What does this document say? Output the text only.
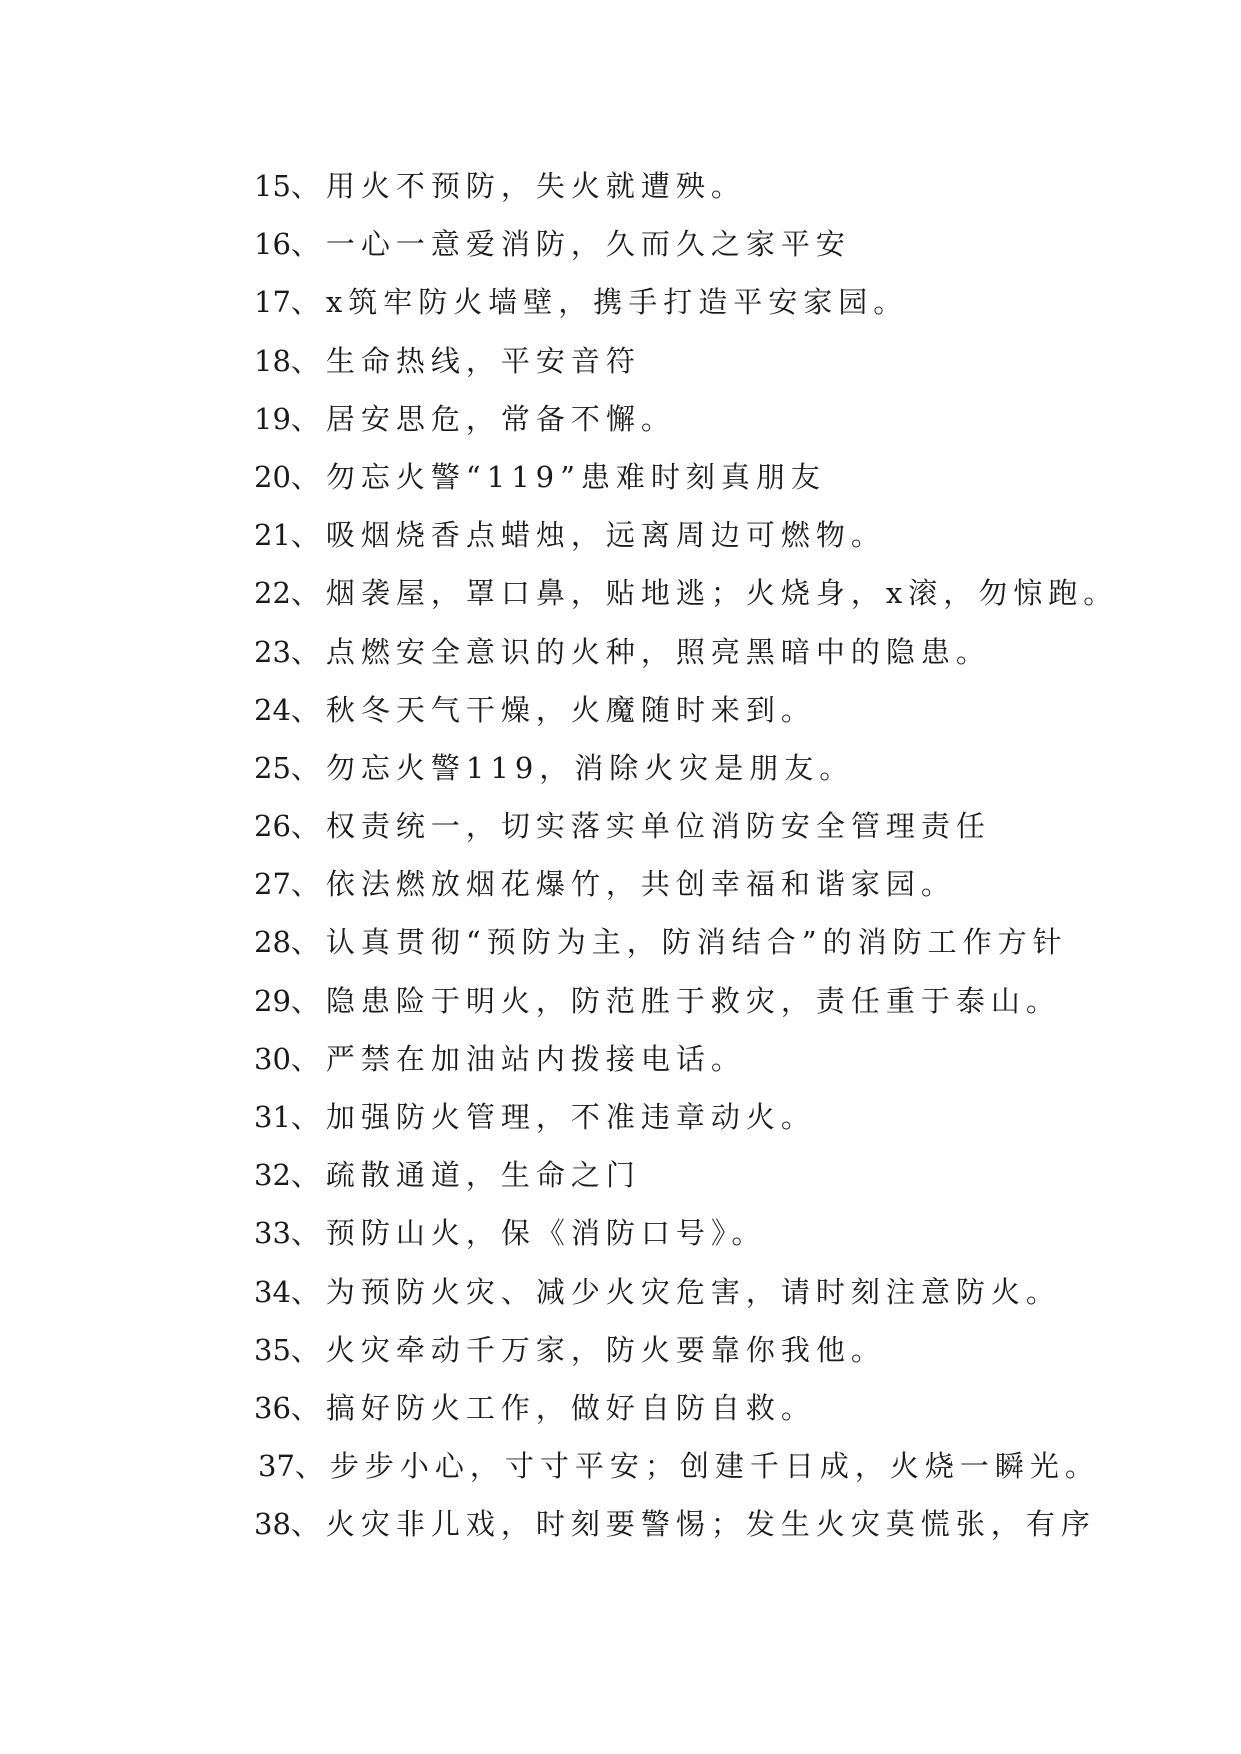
15、用火不预防，失火就遭殃。
16、一心一意爱消防，久而久之家平安
17、x筑牢防火墙壁，携手打造平安家园。
18、生命热线，平安音符
19、居安思危，常备不懈。
20、勿忘火警“119”患难时刻真朋友
21、吸烟烧香点蜡烛，远离周边可燃物。
22、烟袭屋，罩口鼻，贴地逃；火烧身，x滚，勿惊跑。
23、点燃安全意识的火种，照亮黑暗中的隐患。
24、秋冬天气干燥，火魔随时来到。
25、勿忘火警119，消除火灾是朋友。
26、权责统一，切实落实单位消防安全管理责任
27、依法燃放烟花爆竹，共创幸福和谐家园。
28、认真贯彻“预防为主，防消结合”的消防工作方针
29、隐患险于明火，防范胜于救灾，责任重于泰山。
30、严禁在加油站内拨接电话。
31、加强防火管理，不准违章动火。
32、疏散通道，生命之门
33、预防山火，保《消防口号》。
34、为预防火灾、减少火灾危害，请时刻注意防火。
35、火灾牵动千万家，防火要靠你我他。
36、搞好防火工作，做好自防自救。
37、步步小心，寸寸平安；创建千日成，火烧一瞬光。
38、火灾非儿戏，时刻要警惕；发生火灾莫慌张，有序
